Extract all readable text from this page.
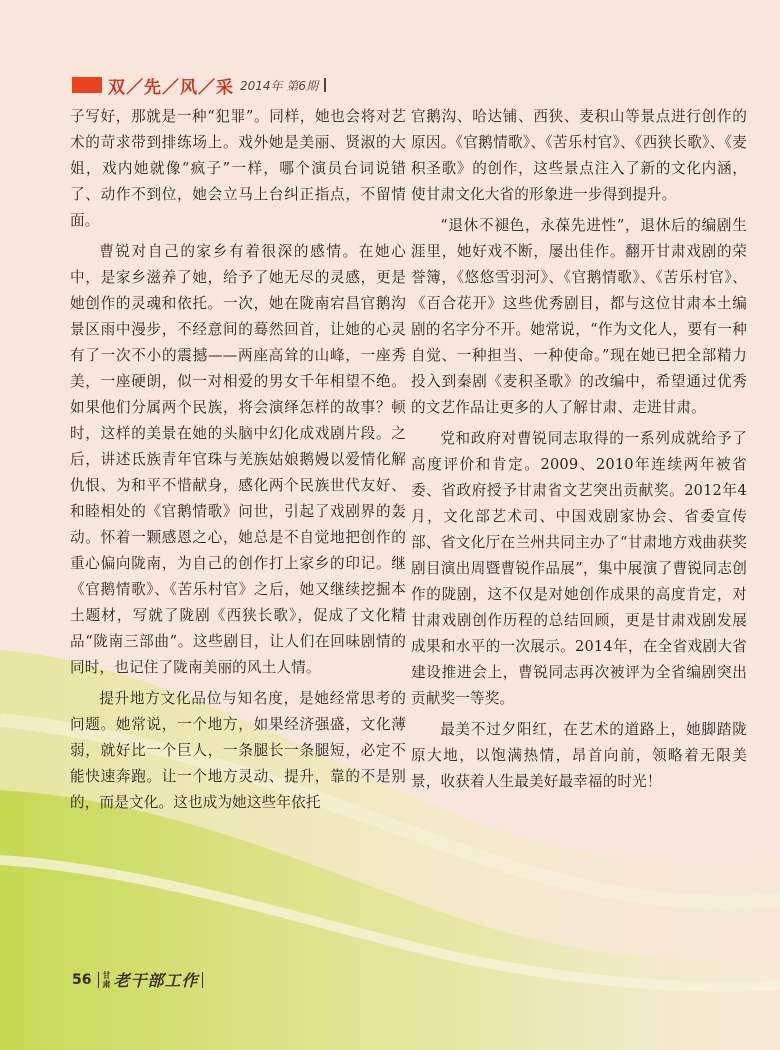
双／先／风／采 2014年 第6期

子写好，那就是一种“犯罪”。同样，她也会将对艺术的苛求带到排练场上。戏外她是美丽、贤淑的大姐，戏内她就像“疯子”一样，哪个演员台词说错了、动作不到位，她会立马上台纠正指点，不留情面。

曹锐对自己的家乡有着很深的感情。在她心中，是家乡滋养了她，给予了她无尽的灵感，更是她创作的灵魂和依托。一次，她在陇南宕昌官鹅沟景区雨中漫步，不经意间的蓦然回首，让她的心灵有了一次不小的震撼——两座高耸的山峰，一座秀美，一座硬朗，似一对相爱的男女千年相望不绝。如果他们分属两个民族，将会演绎怎样的故事？顿时，这样的美景在她的头脑中幻化成戏剧片段。之后，讲述氐族青年官珠与羌族姑娘鹅嫚以爱情化解仇恨、为和平不惜献身，感化两个民族世代友好、和睦相处的《官鹅情歌》问世，引起了戏剧界的轰动。怀着一颗感恩之心，她总是不自觉地把创作的重心偏向陇南，为自己的创作打上家乡的印记。继《官鹅情歌》、《苦乐村官》之后，她又继续挖掘本土题材，写就了陇剧《西狭长歌》，促成了文化精品“陇南三部曲”。这些剧目，让人们在回味剧情的同时，也记住了陇南美丽的风土人情。

提升地方文化品位与知名度，是她经常思考的问题。她常说，一个地方，如果经济强盛，文化薄弱，就好比一个巨人，一条腿长一条腿短，必定不能快速奔跑。让一个地方灵动、提升，靠的不是别的，而是文化。这也成为她这些年依托

官鹅沟、哈达铺、西狭、麦积山等景点进行创作的原因。《官鹅情歌》、《苦乐村官》、《西狭长歌》、《麦积圣歌》的创作，这些景点注入了新的文化内涵，使甘肃文化大省的形象进一步得到提升。

“退休不褪色，永葆先进性”，退休后的编剧生涯里，她好戏不断，屡出佳作。翻开甘肃戏剧的荣誉簿，《悠悠雪羽河》、《官鹅情歌》、《苦乐村官》、《百合花开》这些优秀剧目，都与这位甘肃本土编剧的名字分不开。她常说，“作为文化人，要有一种自觉、一种担当、一种使命。”现在她已把全部精力投入到秦剧《麦积圣歌》的改编中，希望通过优秀的文艺作品让更多的人了解甘肃、走进甘肃。

党和政府对曹锐同志取得的一系列成就给予了高度评价和肯定。2009、2010年连续两年被省委、省政府授予甘肃省文艺突出贡献奖。2012年4月，文化部艺术司、中国戏剧家协会、省委宣传部、省文化厅在兰州共同主办了“甘肃地方戏曲获奖剧目演出周暨曹锐作品展”，集中展演了曹锐同志创作的陇剧，这不仅是对她创作成果的高度肯定，对甘肃戏剧创作历程的总结回顾，更是甘肃戏剧发展成果和水平的一次展示。2014年，在全省戏剧大省建设推进会上，曹锐同志再次被评为全省编剧突出贡献奖一等奖。

最美不过夕阳红，在艺术的道路上，她脚踏陇原大地，以饱满热情，昂首向前，领略着无限美景，收获着人生最美好最幸福的时光！

56 甘
肃 老干部工作
